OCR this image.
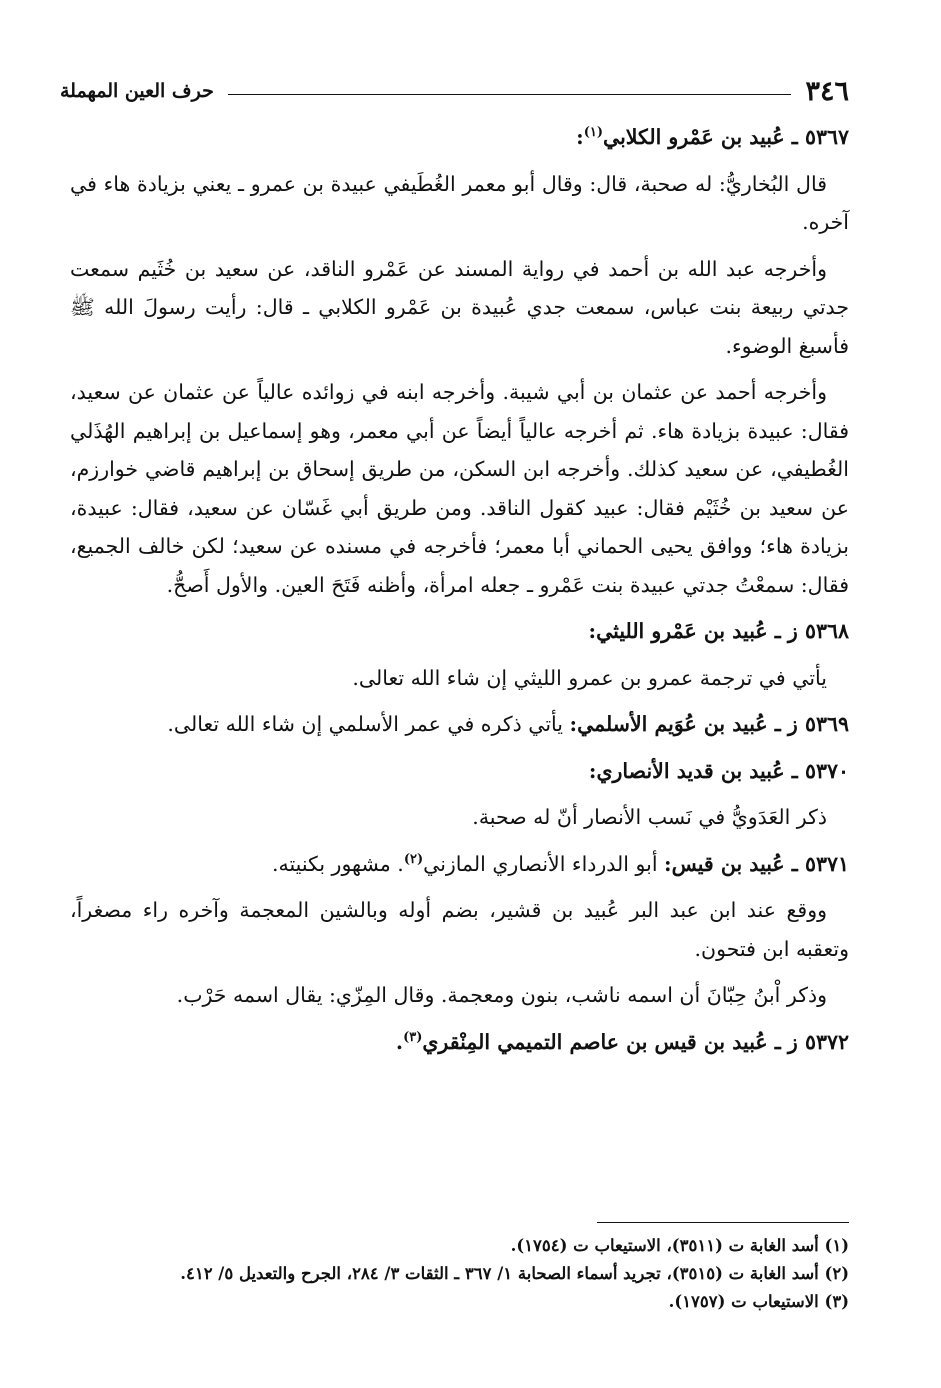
٣٤٦
حرف العين المهملة

٥٣٦٧ ـ عُبيد بن عَمْرو الكلابي$^{(١)}$:

قال البُخاريُّ: له صحبة، قال: وقال أبو معمر الغُطَيفي عبيدة بن عمرو ـ يعني بزيادة هاء في آخره.

وأخرجه عبد الله بن أحمد في رواية المسند عن عَمْرو الناقد، عن سعيد بن خُثَيم سمعت جدتي ربيعة بنت عباس، سمعت جدي عُبيدة بن عَمْرو الكلابي ـ قال: رأيت رسولَ الله ﷺ فأسبغ الوضوء.

وأخرجه أحمد عن عثمان بن أبي شيبة. وأخرجه ابنه في زوائده عالياً عن عثمان عن سعيد، فقال: عبيدة بزيادة هاء. ثم أخرجه عالياً أيضاً عن أبي معمر، وهو إسماعيل بن إبراهيم الهُذَلي الغُطيفي، عن سعيد كذلك. وأخرجه ابن السكن، من طريق إسحاق بن إبراهيم قاضي خوارزم، عن سعيد بن خُثَيْم فقال: عبيد كقول الناقد. ومن طريق أبي غَسّان عن سعيد، فقال: عبيدة، بزيادة هاء؛ ووافق يحيى الحماني أبا معمر؛ فأخرجه في مسنده عن سعيد؛ لكن خالف الجميع، فقال: سمعْتُ جدتي عبيدة بنت عَمْرو ـ جعله امرأة، وأظنه فَتَحَ العين. والأول أَصحُّ.

٥٣٦٨ ز ـ عُبيد بن عَمْرو الليثي:

يأتي في ترجمة عمرو بن عمرو الليثي إن شاء الله تعالى.

٥٣٦٩ ز ـ عُبيد بن عُوَيم الأسلمي: يأتي ذكره في عمر الأسلمي إن شاء الله تعالى.

٥٣٧٠ ـ عُبيد بن قديد الأنصاري:

ذكر العَدَويُّ في نَسب الأنصار أنّ له صحبة.

٥٣٧١ ـ عُبيد بن قيس: أبو الدرداء الأنصاري المازني$^{(٢)}$. مشهور بكنيته.

ووقع عند ابن عبد البر عُبيد بن قشير، بضم أوله وبالشين المعجمة وآخره راء مصغراً، وتعقبه ابن فتحون.

وذكر اْبنُ حِبّانَ أن اسمه ناشب، بنون ومعجمة. وقال المِزّي: يقال اسمه حَرْب.

٥٣٧٢ ز ـ عُبيد بن قيس بن عاصم التميمي المِنْقري$^{(٣)}$.

(١) أسد الغابة ت (٣٥١١)، الاستيعاب ت (١٧٥٤).
(٢) أسد الغابة ت (٣٥١٥)، تجريد أسماء الصحابة ١/ ٣٦٧ ـ الثقات ٣/ ٢٨٤، الجرح والتعديل ٥/ ٤١٢.
(٣) الاستيعاب ت (١٧٥٧).
